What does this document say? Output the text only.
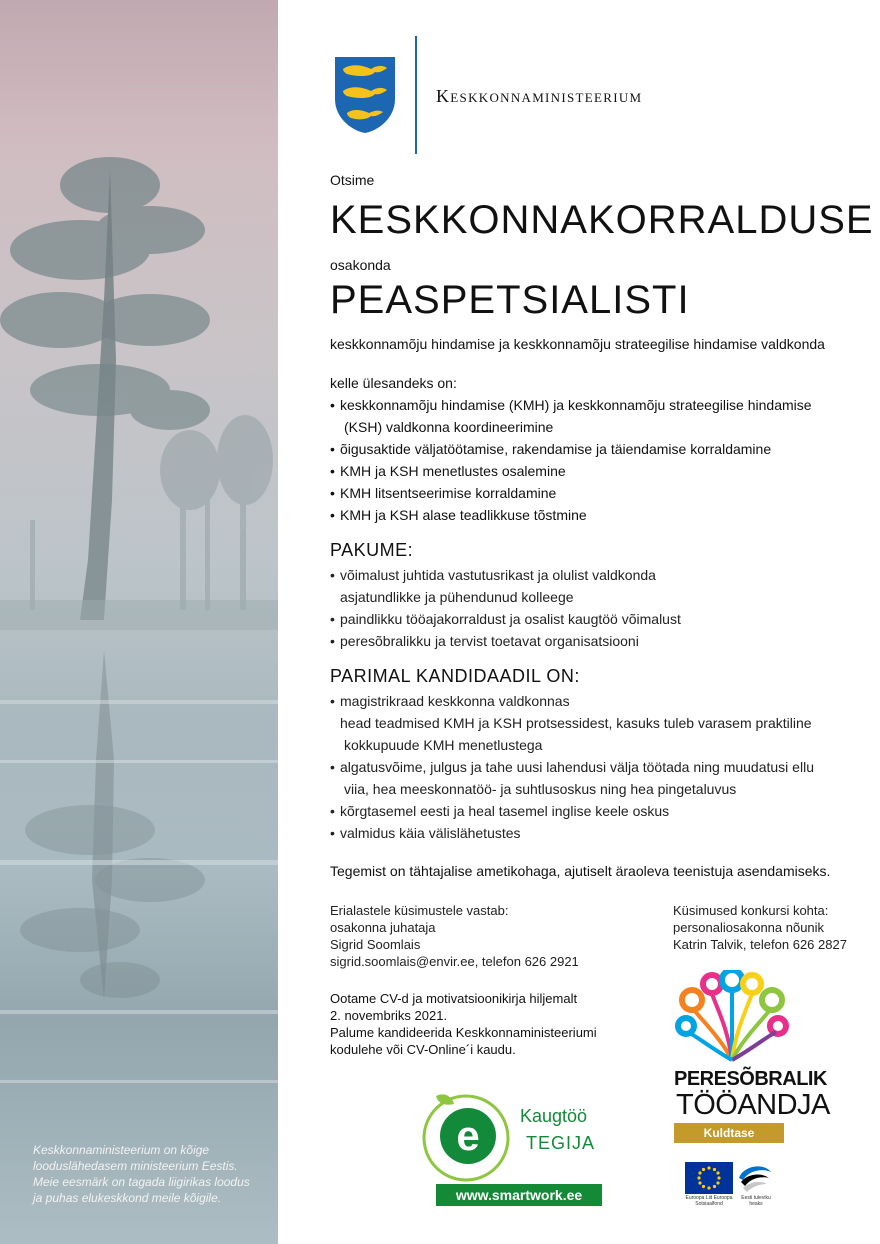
Keskkonnaministeerium on kõige
looduslähedasem ministeerium Eestis.
Meie eesmärk on tagada liigirikas loodus
ja puhas elukeskkond meile kõigile.
Keskkonnaministeerium
Otsime
KESKKONNAKORRALDUSE
osakonda
PEASPETSIALISTI
keskkonnamõju hindamise ja keskkonnamõju strateegilise hindamise valdkonda
kelle ülesandeks on:
• keskkonnamõju hindamise (KMH) ja keskkonnamõju strateegilise hindamise
(KSH) valdkonna koordineerimine
• õigusaktide väljatöötamise, rakendamise ja täiendamise korraldamine
• KMH ja KSH menetlustes osalemine
• KMH litsentseerimise korraldamine
• KMH ja KSH alase teadlikkuse tõstmine
PAKUME:
• võimalust juhtida vastutusrikast ja olulist valdkonda
asjatundlikke ja pühendunud kolleege
• paindlikku tööajakorraldust ja osalist kaugtöö võimalust
• peresõbralikku ja tervist toetavat organisatsiooni
PARIMAL KANDIDAADIL ON:
• magistrikraad keskkonna valdkonnas
head teadmised KMH ja KSH protsessidest, kasuks tuleb varasem praktiline
kokkupuude KMH menetlustega
• algatusvõime, julgus ja tahe uusi lahendusi välja töötada ning muudatusi ellu
viia, hea meeskonnatöö- ja suhtlusoskus ning hea pingetaluvus
• kõrgtasemel eesti ja heal tasemel inglise keele oskus
• valmidus käia välislähetustes
Tegemist on tähtajalise ametikohaga, ajutiselt äraoleva teenistuja asendamiseks.
Erialastele küsimustele vastab:
osakonna juhataja
Sigrid Soomlais
sigrid.soomlais@envir.ee, telefon 626 2921
Küsimused konkursi kohta:
personaliosakonna nõunik
Katrin Talvik, telefon 626 2827
Ootame CV-d ja motivatsioonikirja hiljemalt
2. novembriks 2021.
Palume kandideerida Keskkonnaministeeriumi
kodulehe või CV-Online´i kaudu.
e Kaugtöö
TEGIJA
www.smartwork.ee
PERESÕBRALIK
TÖÖANDJA
Kuldtase
Euroopa Liit Euroopa Sotsiaalfond
Eesti tuleviku heaks
